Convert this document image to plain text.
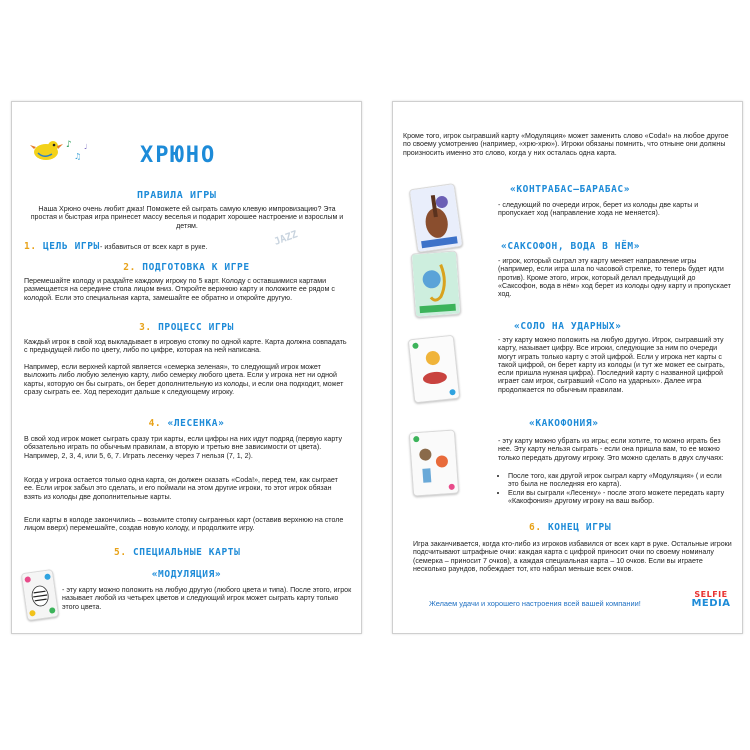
♪
♫
♩ ХРЮНО
ПРАВИЛА ИГРЫ

Наша Хрюно очень любит джаз! Поможете ей сыграть самую клевую импровизацию? Эта простая и быстрая игра принесет массу веселья и подарит хорошее настроение и взрослым и детям.

1. ЦЕЛЬ ИГРЫ - избавиться от всех карт в руке.	JAZZ
2. ПОДГОТОВКА К ИГРЕ

Перемешайте колоду и раздайте каждому игроку по 5 карт. Колоду с оставшимися картами размещается на середине стола лицом вниз. Откройте верхнюю карту и положите ее рядом с колодой. Если это специальная карта, замешайте ее обратно и откройте другую.

3. ПРОЦЕСС ИГРЫ

Каждый игрок в свой ход выкладывает в игровую стопку по одной карте. Карта должна совпадать с предыдущей либо по цвету, либо по цифре, которая на ней написана.

Например, если верхней картой является «семерка зеленая», то следующий игрок может выложить либо любую зеленую карту, либо семерку любого цвета. Если у игрока нет ни одной карты, которую он бы сыграть, он берет дополнительную из колоды, и если она подходит, может сразу сыграть ее. Ход переходит дальше к следующему игроку.

4. «ЛЕСЕНКА»

В свой ход игрок может сыграть сразу три карты, если цифры на них идут подряд (первую карту обязательно играть по обычным правилам, а вторую и третью вне зависимости от цвета). Например, 2, 3, 4, или 5, 6, 7. Играть лесенку через 7 нельзя (7, 1, 2).

Когда у игрока остается только одна карта, он должен сказать «Coda!», перед тем, как сыграет ее. Если игрок забыл это сделать, и его поймали на этом другие игроки, то этот игрок обязан взять из колоды две дополнительные карты.

Если карты в колоде закончились – возьмите стопку сыгранных карт (оставив верхнюю на столе лицом вверх) перемешайте, создав новую колоду, и продолжите игру.

5. СПЕЦИАЛЬНЫЕ КАРТЫ
«МОДУЛЯЦИЯ»

- эту карту можно положить на любую другую (любого цвета и типа). После этого, игрок называет любой из четырех цветов и следующий игрок может сыграть карту только этого цвета.

Кроме того, игрок сыгравший карту «Модуляция» может заменить слово «Coda!» на любое другое по своему усмотрению (например, «хрю-хрю»). Игроки обязаны помнить, что отныне они должны произносить именно это слово, когда у них осталась одна карта.

«КОНТРАБАС–БАРАБАС»

- следующий по очереди игрок, берет из колоды две карты и пропускает ход (направление хода не меняется).

«САКСОФОН, ВОДА В НЁМ»

- игрок, который сыграл эту карту меняет направление игры (например, если игра шла по часовой стрелке, то теперь будет идти против). Кроме этого, игрок, который делал предыдущий до «Саксофон, вода в нём» ход берет из колоды одну карту и пропускает ход.

«СОЛО НА УДАРНЫХ»

- эту карту можно положить на любую другую. Игрок, сыгравший эту карту, называет цифру. Все игроки, следующие за ним по очереди могут играть только карту с этой цифрой. Если у игрока нет карты с такой цифрой, он берет карту из колоды (и тут же может ее сыграть, если пришла нужная цифра). Последний карту с названной цифрой играет сам игрок, сыгравший «Соло на ударных». Далее игра продолжается по обычным правилам.

«КАКОФОНИЯ»

- эту карту можно убрать из игры; если хотите, то можно играть без нее. Эту карту нельзя сыграть - если она пришла вам, то ее можно только передать другому игроку. Это можно сделать в двух случаях:

• После того, как другой игрок сыграл карту «Модуляция» ( и если это была не последняя его карта).
• Если вы сыграли «Лесенку» - после этого можете передать карту «Какофония» другому игроку на ваш выбор.
6. КОНЕЦ ИГРЫ

Игра заканчивается, когда кто-либо из игроков избавился от всех карт в руке. Остальные игроки подсчитывают штрафные очки: каждая карта с цифрой приносит очки по своему номиналу (семерка – приносит 7 очков), а каждая специальная карта – 10 очков. Если вы играете несколько раундов, побеждает тот, кто набрал меньше всех очков.

Желаем удачи и хорошего настроения всей вашей компании!

SELFIE
MEDIA
